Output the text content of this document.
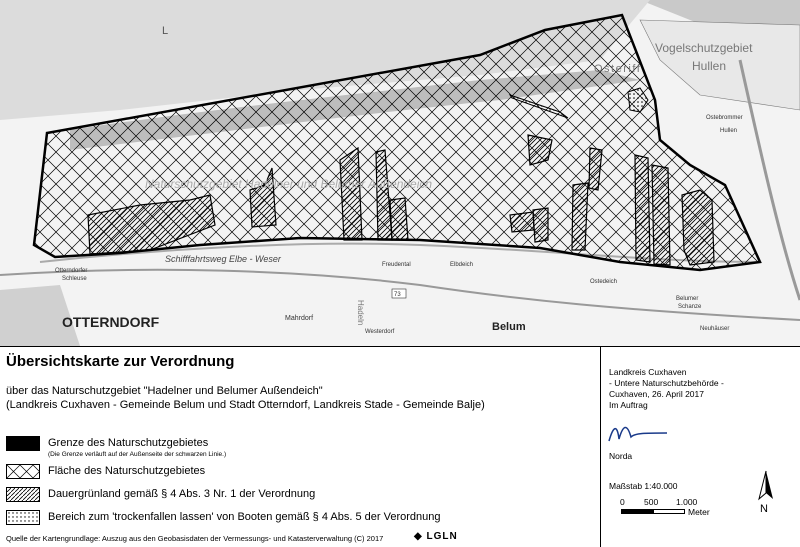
L
Vogelschutzgebiet
Hullen
Osteriff
Ostebrommer
Hullen
Naturschutzgebiet Hadelner und Belumer Außendeich
Schifffahrtsweg Elbe - Weser
Otterndorfer
Schleuse
OTTERNDORF
Freudental	Elbdeich
Ostedeich
73
Mahrdorf
Westerdorf
Hadeln
Belum
Belumer
Schanze
Neuhäuser
Übersichtskarte zur Verordnung
über das Naturschutzgebiet "Hadelner und Belumer Außendeich"
(Landkreis Cuxhaven - Gemeinde Belum und Stadt Otterndorf, Landkreis Stade - Gemeinde Balje)
Grenze des Naturschutzgebietes
(Die Grenze verläuft auf der Außenseite der schwarzen Linie.)
Fläche des Naturschutzgebietes
Dauergrünland gemäß § 4 Abs. 3 Nr. 1 der Verordnung
Bereich zum 'trockenfallen lassen' von Booten gemäß § 4 Abs. 5 der Verordnung
Quelle der Kartengrundlage: Auszug aus den Geobasisdaten der Vermessungs- und Katasterverwaltung (C) 2017	◆ LGLN
Landkreis Cuxhaven
- Untere Naturschutzbehörde -
Cuxhaven, 26. April 2017
Im Auftrag
Norda
Maßstab 1:40.000
0 500 1.000
Meter	N
